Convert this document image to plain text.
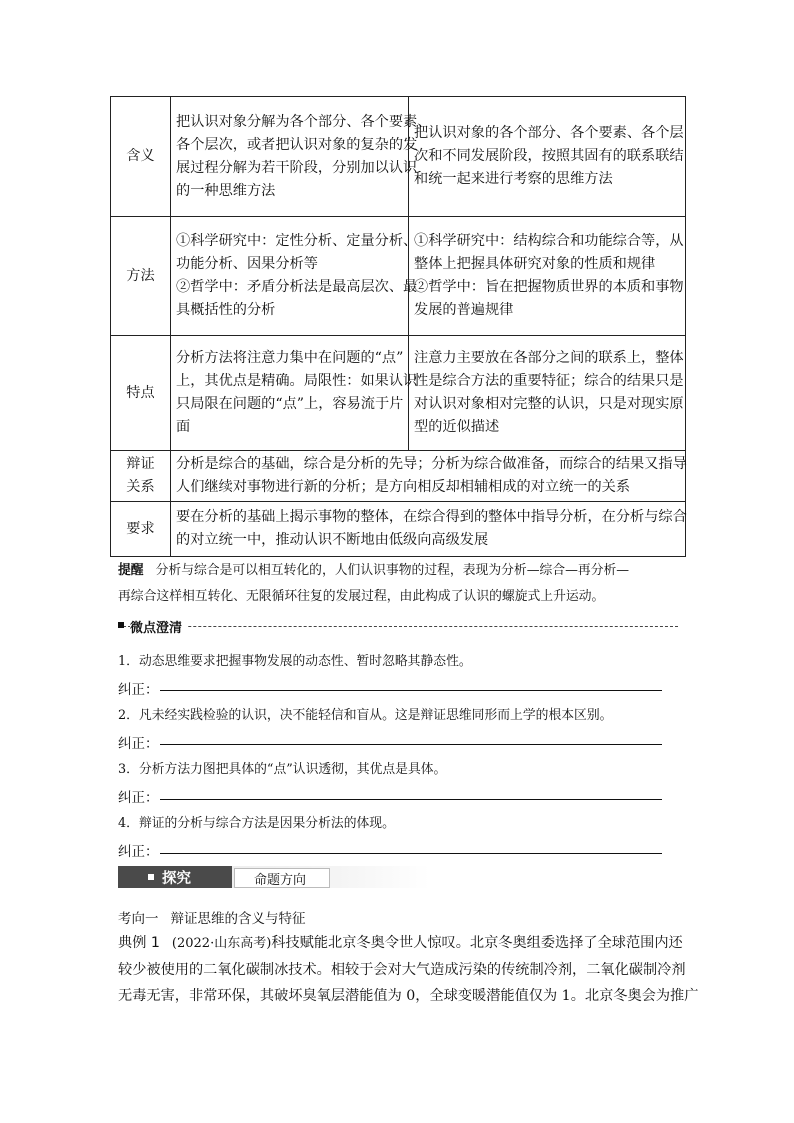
含义	把认识对象分解为各个部分、各个要素、
各个层次，或者把认识对象的复杂的发
展过程分解为若干阶段，分别加以认识
的一种思维方法	把认识对象的各个部分、各个要素、各个层
次和不同发展阶段，按照其固有的联系联结
和统一起来进行考察的思维方法

方法	①科学研究中：定性分析、定量分析、
功能分析、因果分析等
②哲学中：矛盾分析法是最高层次、最
具概括性的分析	①科学研究中：结构综合和功能综合等，从
整体上把握具体研究对象的性质和规律
②哲学中：旨在把握物质世界的本质和事物
发展的普遍规律

特点	分析方法将注意力集中在问题的“点”
上，其优点是精确。局限性：如果认识
只局限在问题的“点”上，容易流于片
面	注意力主要放在各部分之间的联系上，整体
性是综合方法的重要特征；综合的结果只是
对认识对象相对完整的认识，只是对现实原
型的近似描述

辩证
关系	分析是综合的基础，综合是分析的先导；分析为综合做准备，而综合的结果又指导
人们继续对事物进行新的分析；是方向相反却相辅相成的对立统一的关系	

要求	要在分析的基础上揭示事物的整体，在综合得到的整体中指导分析，在分析与综合
的对立统一中，推动认识不断地由低级向高级发展	
提醒 分析与综合是可以相互转化的，人们认识事物的过程，表现为分析—综合—再分析—
再综合这样相互转化、无限循环往复的发展过程，由此构成了认识的螺旋式上升运动。
微点澄清
1．动态思维要求把握事物发展的动态性、暂时忽略其静态性。
纠正：
2．凡未经实践检验的认识，决不能轻信和盲从。这是辩证思维同形而上学的根本区别。
纠正：
3．分析方法力图把具体的“点”认识透彻，其优点是具体。
纠正：
4．辩证的分析与综合方法是因果分析法的体现。
纠正：
探究	命题方向
考向一 辩证思维的含义与特征
典例 1 (2022·山东高考)科技赋能北京冬奥令世人惊叹。北京冬奥组委选择了全球范围内还
较少被使用的二氧化碳制冰技术。相较于会对大气造成污染的传统制冷剂，二氧化碳制冷剂
无毒无害，非常环保，其破坏臭氧层潜能值为 0，全球变暖潜能值仅为 1。北京冬奥会为推广
